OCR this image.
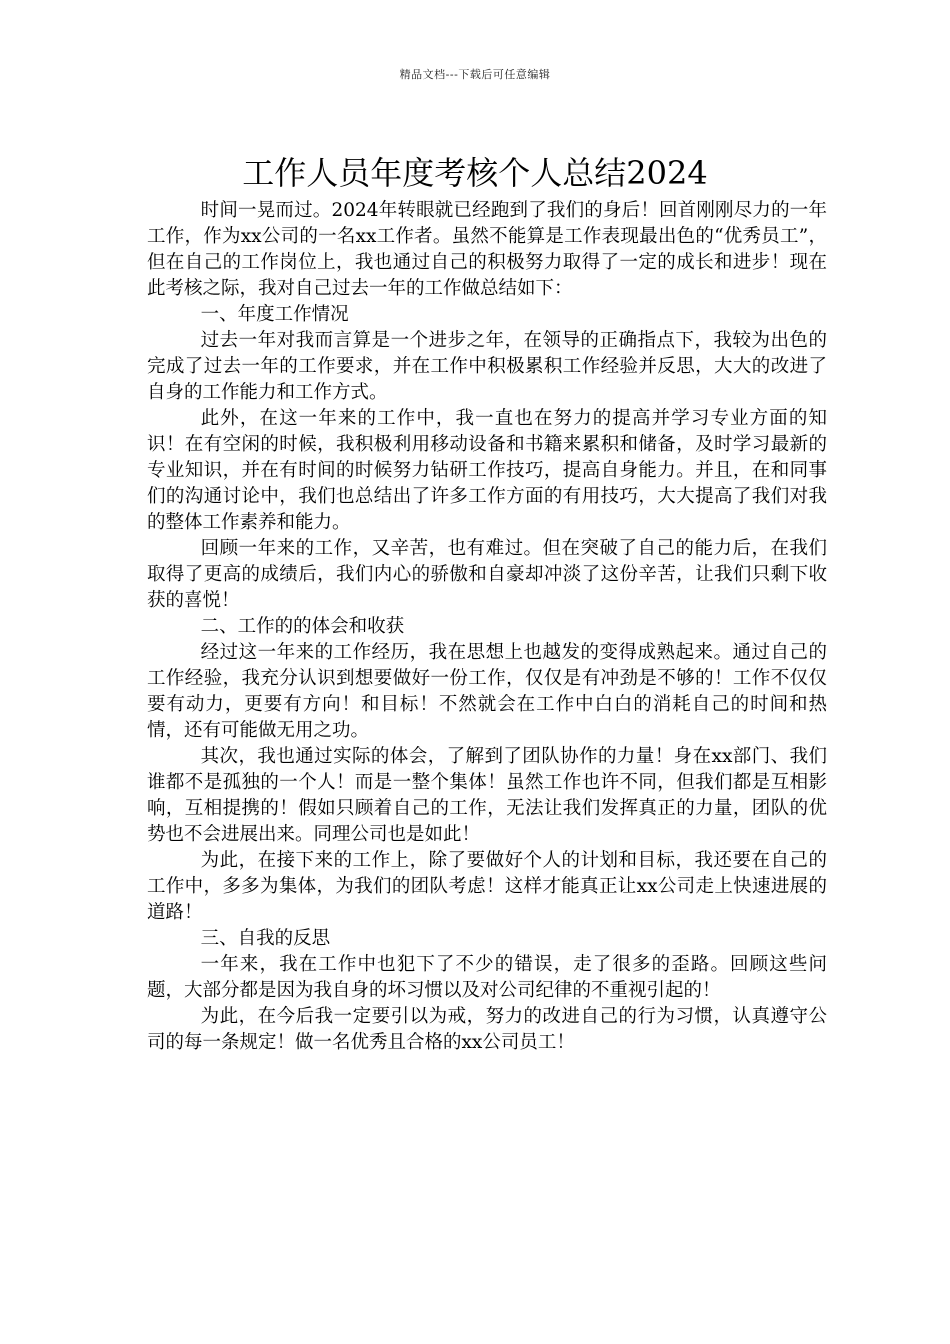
精品文档---下载后可任意编辑
工作人员年度考核个人总结2024

时间一晃而过。2024年转眼就已经跑到了我们的身后！回首刚刚尽力的一年工作，作为xx公司的一名xx工作者。虽然不能算是工作表现最出色的“优秀员工”，但在自己的工作岗位上，我也通过自己的积极努力取得了一定的成长和进步！现在此考核之际，我对自己过去一年的工作做总结如下：

一、年度工作情况

过去一年对我而言算是一个进步之年，在领导的正确指点下，我较为出色的完成了过去一年的工作要求，并在工作中积极累积工作经验并反思，大大的改进了自身的工作能力和工作方式。

此外，在这一年来的工作中，我一直也在努力的提高并学习专业方面的知识！在有空闲的时候，我积极利用移动设备和书籍来累积和储备，及时学习最新的专业知识，并在有时间的时候努力钻研工作技巧，提高自身能力。并且，在和同事们的沟通讨论中，我们也总结出了许多工作方面的有用技巧，大大提高了我们对我的整体工作素养和能力。

回顾一年来的工作，又辛苦，也有难过。但在突破了自己的能力后，在我们取得了更高的成绩后，我们内心的骄傲和自豪却冲淡了这份辛苦，让我们只剩下收获的喜悦！

二、工作的的体会和收获

经过这一年来的工作经历，我在思想上也越发的变得成熟起来。通过自己的工作经验，我充分认识到想要做好一份工作，仅仅是有冲劲是不够的！工作不仅仅要有动力，更要有方向！和目标！不然就会在工作中白白的消耗自己的时间和热情，还有可能做无用之功。

其次，我也通过实际的体会，了解到了团队协作的力量！身在xx部门、我们谁都不是孤独的一个人！而是一整个集体！虽然工作也许不同，但我们都是互相影响，互相提携的！假如只顾着自己的工作，无法让我们发挥真正的力量，团队的优势也不会进展出来。同理公司也是如此！

为此，在接下来的工作上，除了要做好个人的计划和目标，我还要在自己的工作中，多多为集体，为我们的团队考虑！这样才能真正让xx公司走上快速进展的道路！

三、自我的反思

一年来，我在工作中也犯下了不少的错误，走了很多的歪路。回顾这些问题，大部分都是因为我自身的坏习惯以及对公司纪律的不重视引起的！

为此，在今后我一定要引以为戒，努力的改进自己的行为习惯，认真遵守公司的每一条规定！做一名优秀且合格的xx公司员工！
